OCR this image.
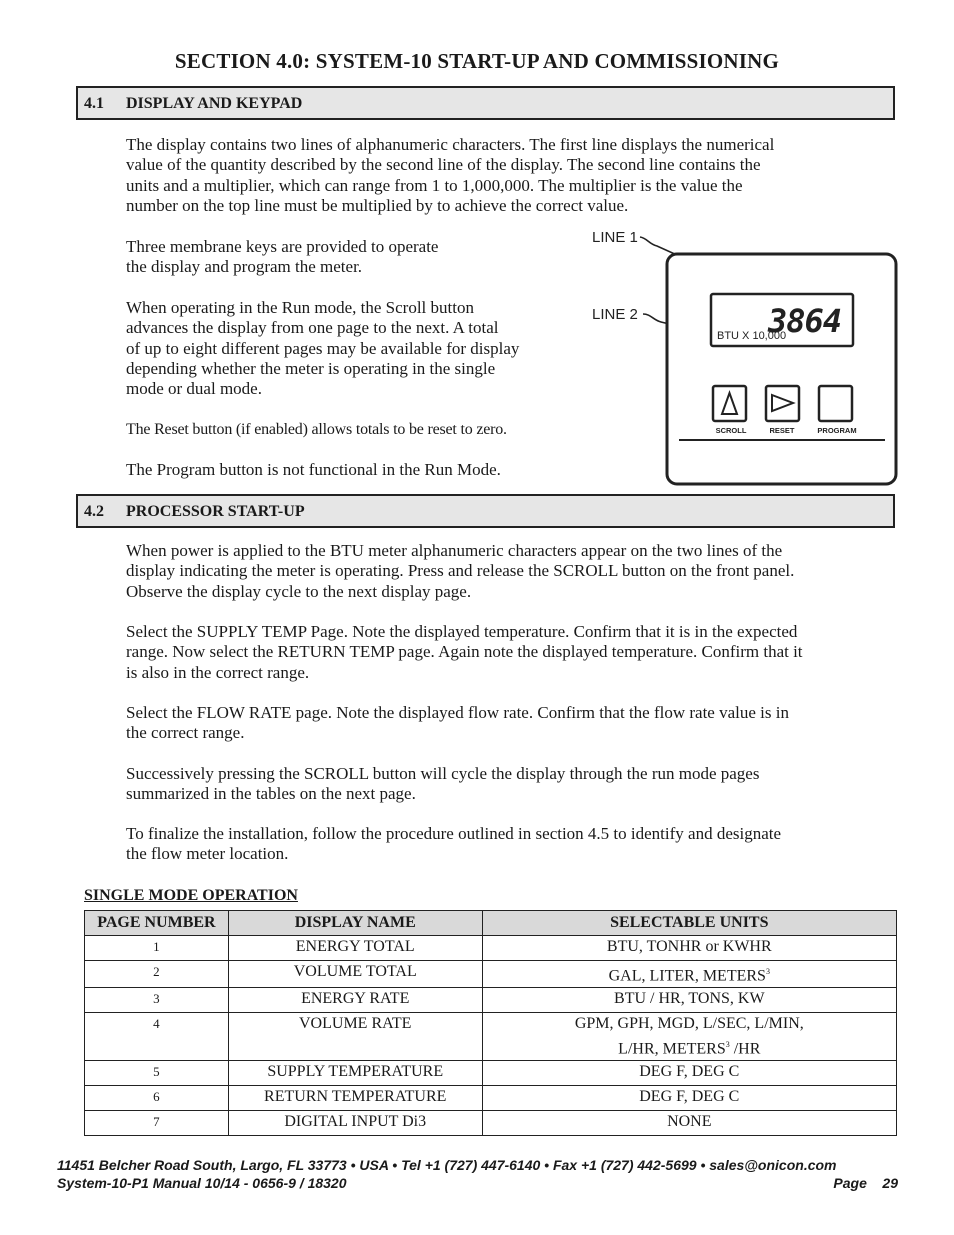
SECTION 4.0: SYSTEM-10 START-UP AND COMMISSIONING
4.1 DISPLAY AND KEYPAD
The display contains two lines of alphanumeric characters. The first line displays the numerical
value of the quantity described by the second line of the display. The second line contains the
units and a multiplier, which can range from 1 to 1,000,000. The multiplier is the value the
number on the top line must be multiplied by to achieve the correct value.
Three membrane keys are provided to operate
the display and program the meter.
When operating in the Run mode, the Scroll button
advances the display from one page to the next. A total
of up to eight different pages may be available for display
depending whether the meter is operating in the single
mode or dual mode.
The Reset button (if enabled) allows totals to be reset to zero.
The Program button is not functional in the Run Mode.
LINE 1
LINE 2	3864
BTU X 10,000
SCROLL	RESET	PROGRAM
4.2 PROCESSOR START-UP
When power is applied to the BTU meter alphanumeric characters appear on the two lines of the
display indicating the meter is operating. Press and release the SCROLL button on the front panel.
Observe the display cycle to the next display page.
Select the SUPPLY TEMP Page. Note the displayed temperature. Confirm that it is in the expected
range. Now select the RETURN TEMP page. Again note the displayed temperature. Confirm that it
is also in the correct range.
Select the FLOW RATE page. Note the displayed flow rate. Confirm that the flow rate value is in
the correct range.
Successively pressing the SCROLL button will cycle the display through the run mode pages
summarized in the tables on the next page.
To finalize the installation, follow the procedure outlined in section 4.5 to identify and designate
the flow meter location.
SINGLE MODE OPERATION
PAGE NUMBER	DISPLAY NAME	SELECTABLE UNITS
1	ENERGY TOTAL	BTU, TONHR or KWHR
2	VOLUME TOTAL	GAL, LITER, METERS$^3$
3	ENERGY RATE	BTU / HR, TONS, KW
4	VOLUME RATE	GPM, GPH, MGD, L/SEC, L/MIN,
L/HR, METERS$^3$ /HR

5	SUPPLY TEMPERATURE	DEG F, DEG C
6	RETURN TEMPERATURE	DEG F, DEG C
7	DIGITAL INPUT Di3	NONE
11451 Belcher Road South, Largo, FL 33773 • USA • Tel +1 (727) 447-6140 • Fax +1 (727) 442-5699 • sales@onicon.com
System-10-P1 Manual 10/14 - 0656-9 / 18320	Page    29
